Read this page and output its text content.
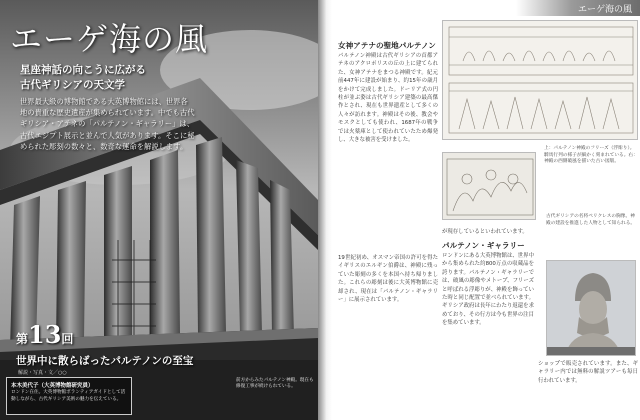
エーゲ海の風
星座神話の向こうに広がる
古代ギリシアの天文学
世界最大級の博物館である大英博物館には、世界各地の貴重な歴史遺産が集められています。中でも古代ギリシア・アテネの「パルテノン・ギャラリー」は、古代エジプト展示と並んで人気があります。そこに秘められた彫刻の数々と、数奇な運命を解説します。
第13回
世界中に散らばったパルテノンの至宝
解説・写真・文／○○
本木美代子（大英博物館研究員）
ロンドン在住。大英博物館ボランティアガイドとして活動しながら、古代ギリシア美術の魅力を伝えている。
前方からみたパルテノン神殿。現在も修復工事が続けられている。
エーゲ海の風
女神アテナの聖地パルテノン
パルテノン神殿は古代ギリシアの首都アテネのアクロポリスの丘の上に建てられた、女神アテナをまつる神殿です。紀元前447年に建設が始まり、約15年の歳月をかけて完成しました。ドーリア式の円柱が並ぶ姿は古代ギリシア建築の最高傑作とされ、現在も世界遺産として多くの人々が訪れます。神殿はその後、教会やモスクとしても使われ、1687年の戦争では火薬庫として使われていたため爆発し、大きな被害を受けました。
19世紀初め、オスマン帝国の許可を得たイギリスのエルギン伯爵は、神殿に残っていた彫刻の多くを本国へ持ち帰りました。これらの彫刻は後に大英博物館に売却され、現在は「パルテノン・ギャラリー」に展示されています。
上：パルテノン神殿のフリーズ（浮彫り）。騎馬行列の様子が細かく刻まれている。右：神殿の西側破風を描いた古い図版。
が現存しているといわれています。
パルテノン・ギャラリー
ロンドンにある大英博物館は、世界中から集められた約800万点の収蔵品を誇ります。パルテノン・ギャラリーでは、破風の彫像やメトープ、フリーズと呼ばれる浮彫りが、神殿を飾っていた時と同じ配置で並べられています。ギリシア政府は長年にわたり返還を求めており、その行方は今も世界の注目を集めています。
古代ギリシアの名将ペリクレスの胸像。神殿の建設を推進した人物として知られる。
ショップで販売されています。また、ギャラリー内では無料の解説ツアーも毎日行われています。
